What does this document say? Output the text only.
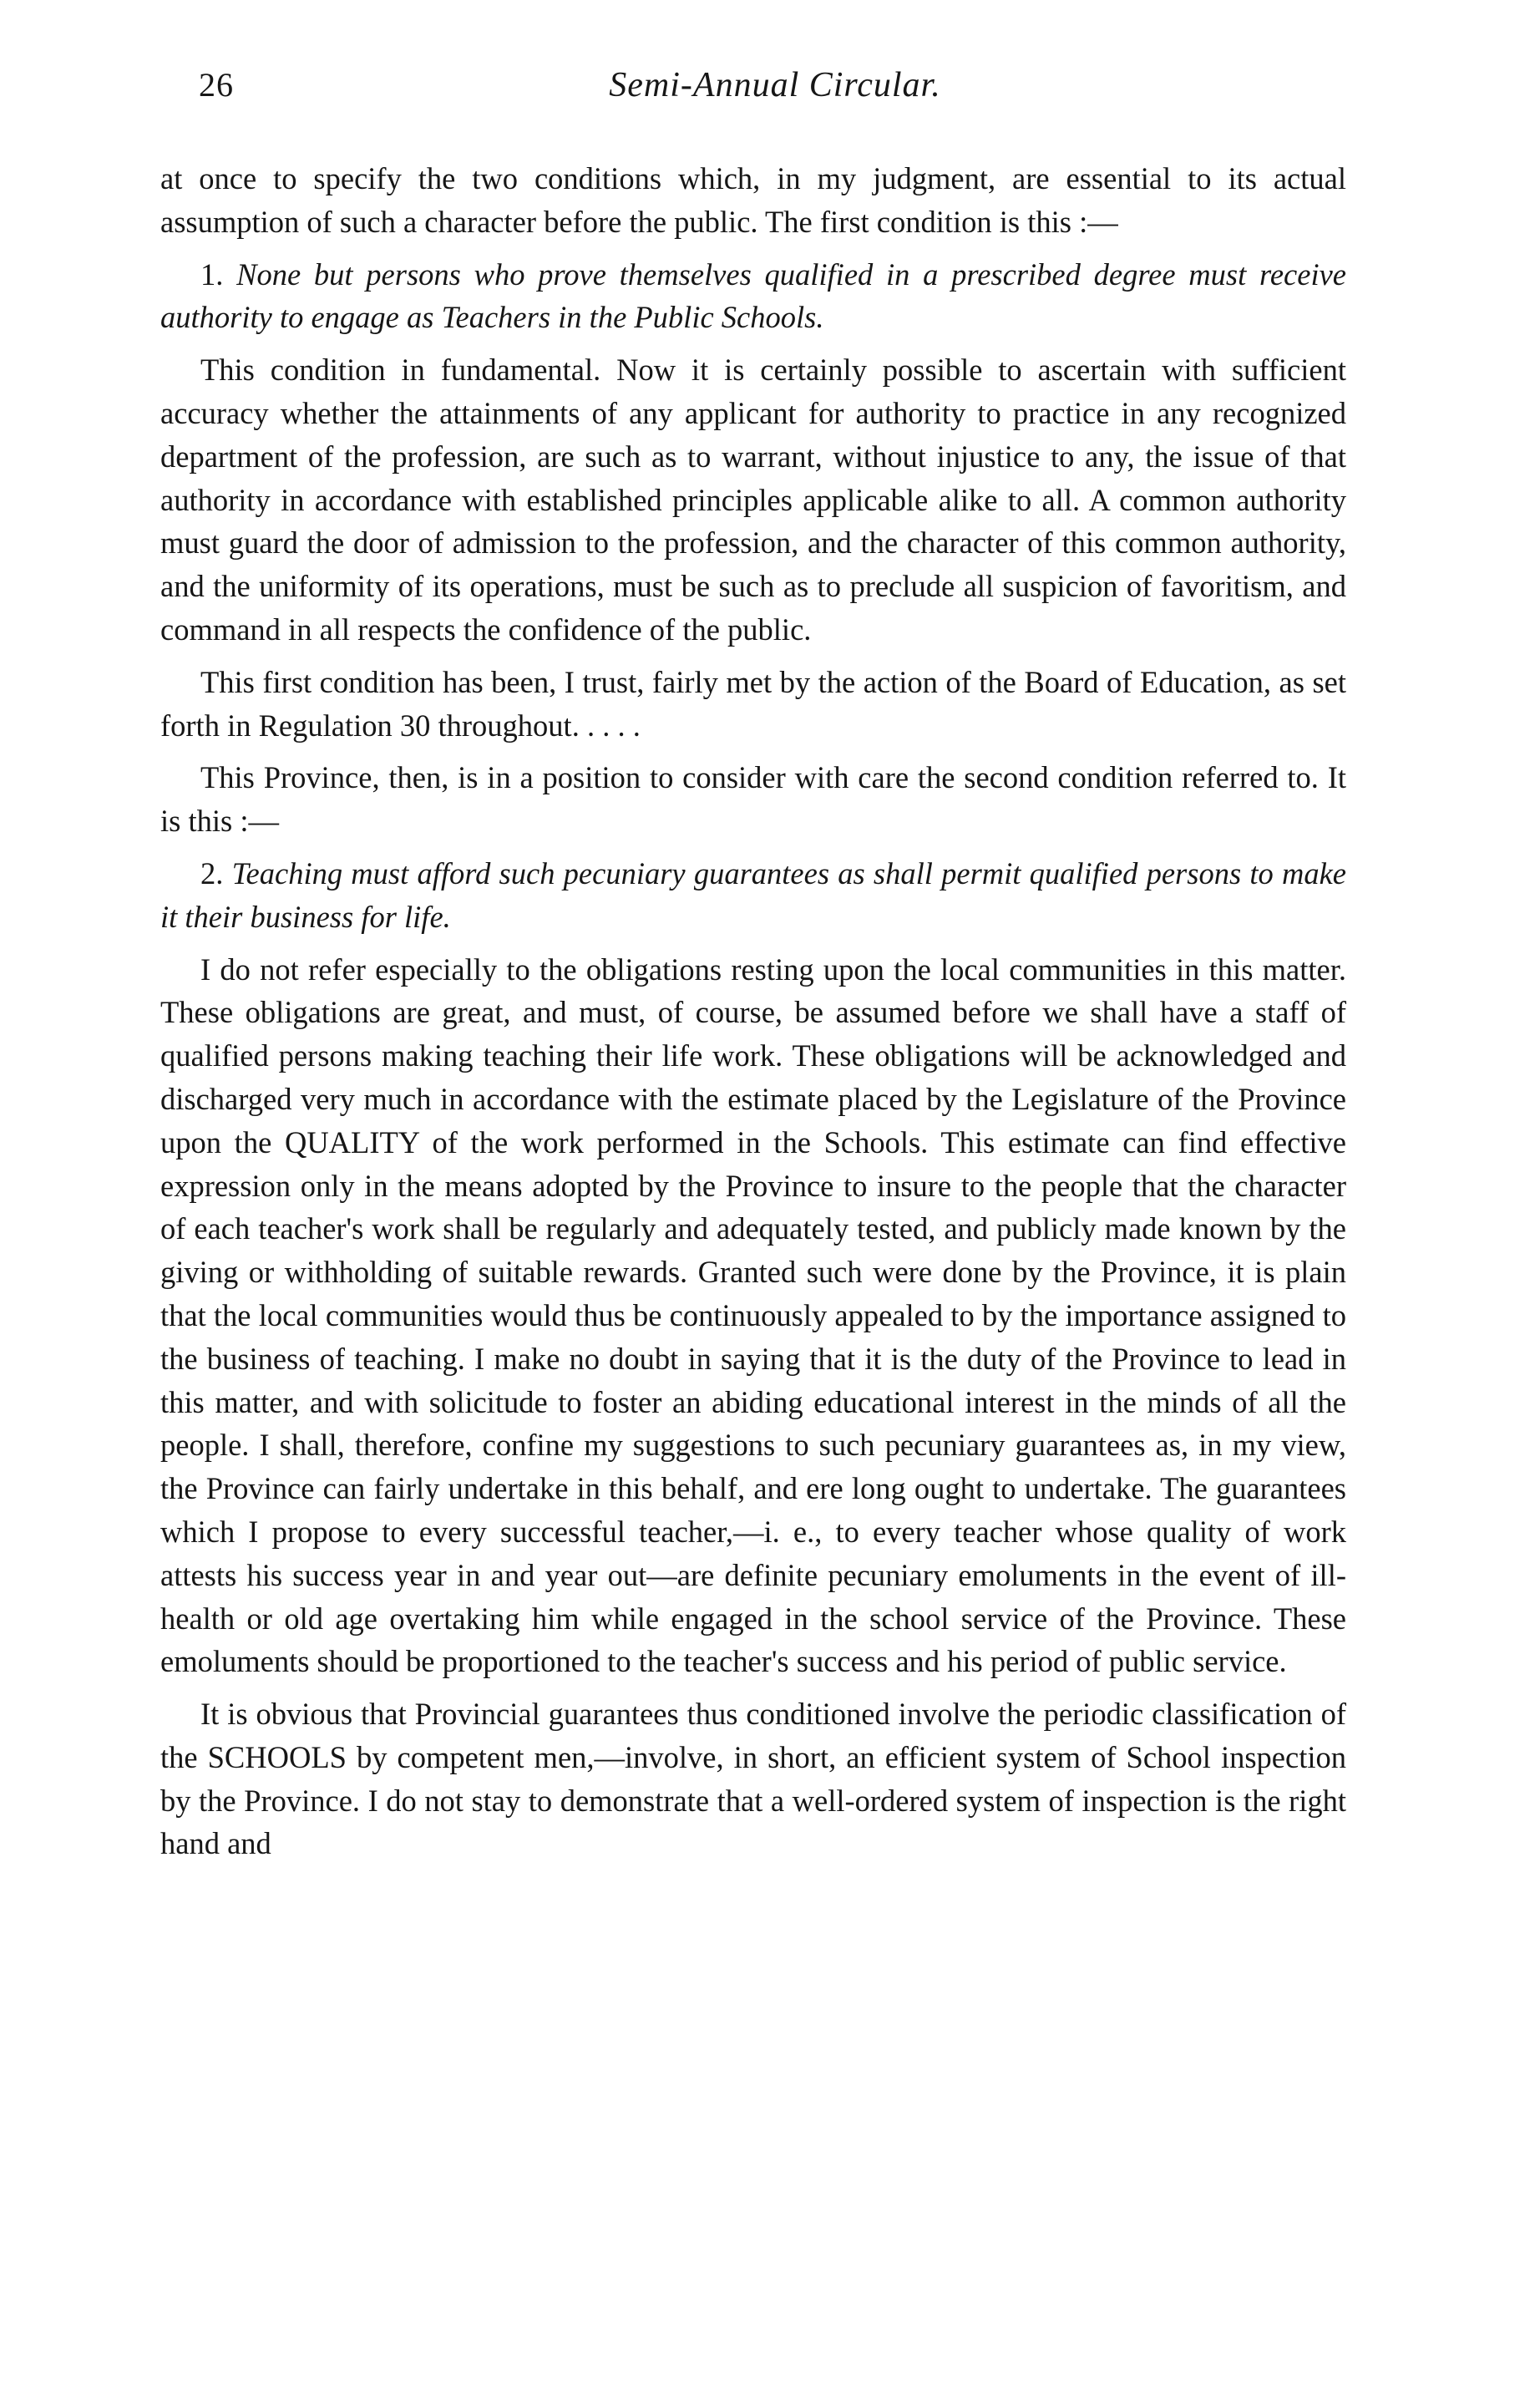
26	Semi-Annual Circular.

at once to specify the two conditions which, in my judgment, are essential to its actual assumption of such a character before the public. The first condition is this :—

1. None but persons who prove themselves qualified in a prescribed degree must receive authority to engage as Teachers in the Public Schools.

This condition in fundamental. Now it is certainly possible to ascertain with sufficient accuracy whether the attainments of any applicant for authority to practice in any recognized department of the profession, are such as to warrant, without injustice to any, the issue of that authority in accordance with established principles applicable alike to all. A common authority must guard the door of admission to the profession, and the character of this common authority, and the uniformity of its operations, must be such as to preclude all suspicion of favoritism, and command in all respects the confidence of the public.

This first condition has been, I trust, fairly met by the action of the Board of Education, as set forth in Regulation 30 throughout. . . . .

This Province, then, is in a position to consider with care the second condition referred to. It is this :—

2. Teaching must afford such pecuniary guarantees as shall permit qualified persons to make it their business for life.

I do not refer especially to the obligations resting upon the local communities in this matter. These obligations are great, and must, of course, be assumed before we shall have a staff of qualified persons making teaching their life work. These obligations will be acknowledged and discharged very much in accordance with the estimate placed by the Legislature of the Province upon the QUALITY of the work performed in the Schools. This estimate can find effective expression only in the means adopted by the Province to insure to the people that the character of each teacher's work shall be regularly and adequately tested, and publicly made known by the giving or withholding of suitable rewards. Granted such were done by the Province, it is plain that the local communities would thus be continuously appealed to by the importance assigned to the business of teaching. I make no doubt in saying that it is the duty of the Province to lead in this matter, and with solicitude to foster an abiding educational interest in the minds of all the people. I shall, therefore, confine my suggestions to such pecuniary guarantees as, in my view, the Province can fairly undertake in this behalf, and ere long ought to undertake. The guarantees which I propose to every successful teacher,—i. e., to every teacher whose quality of work attests his success year in and year out—are definite pecuniary emoluments in the event of ill-health or old age overtaking him while engaged in the school service of the Province. These emoluments should be proportioned to the teacher's success and his period of public service.

It is obvious that Provincial guarantees thus conditioned involve the periodic classification of the SCHOOLS by competent men,—involve, in short, an efficient system of School inspection by the Province. I do not stay to demonstrate that a well-ordered system of inspection is the right hand and
